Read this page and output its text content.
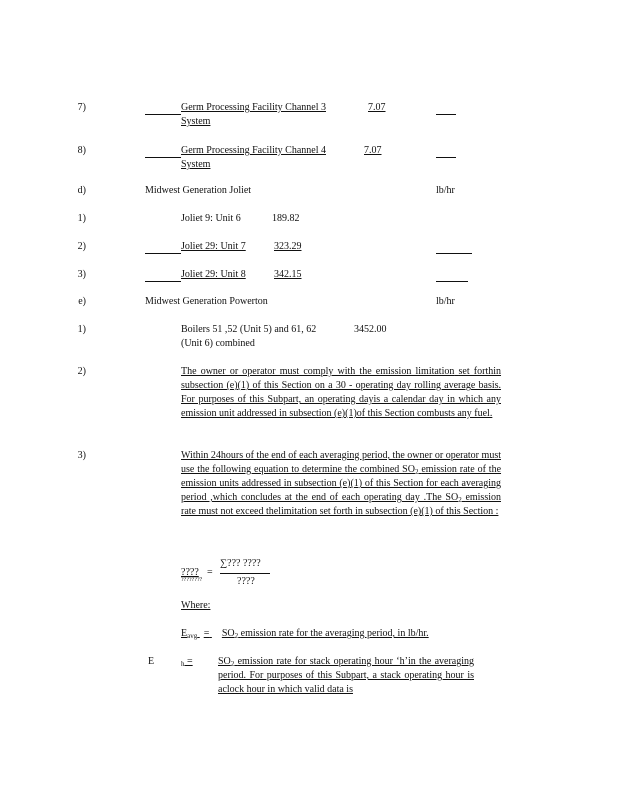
7)	Germ Processing Facility Channel 3	7.07
System
8)	Germ Processing Facility Channel 4	7.07
System
d)	Midwest Generation Joliet	lb/hr
1)	Joliet 9: Unit 6	189.82
2)	Joliet 29: Unit 7	323.29
3)	Joliet 29: Unit 8	342.15
e)	Midwest Generation Powerton	lb/hr
1)	Boilers 51 ,52 (Unit 5) and 61, 62	3452.00
(Unit 6) combined
2)	The owner or operator must comply with the emission limitation set forthin subsection (e)(1) of this Section on a 30 - operating day rolling average basis. For purposes of this Subpart, an operating dayis a calendar day in which any emission unit addressed in subsection (e)(1)of this Section combusts any fuel.
3)	Within 24hours of the end of each averaging period, the owner or operator must use the following equation to determine the combined $SO_2$ emission rate of the emission units addressed in subsection (e)(1) of this Section for each averaging period ,which concludes at the end of each operating day .The $SO_2$ emission rate must not exceed thelimitation set forth in subsection (e)(1) of this Section :
????
????????
=
∑??? ????
????
Where:
$E_{avg} = SO_2$ emission rate for the averaging period, in lb/hr.
E	$_h$ =	$SO_2$ emission rate for stack operating hour ‘h’in the averaging period. For purposes of this Subpart, a stack operating hour is aclock hour in which valid data is
